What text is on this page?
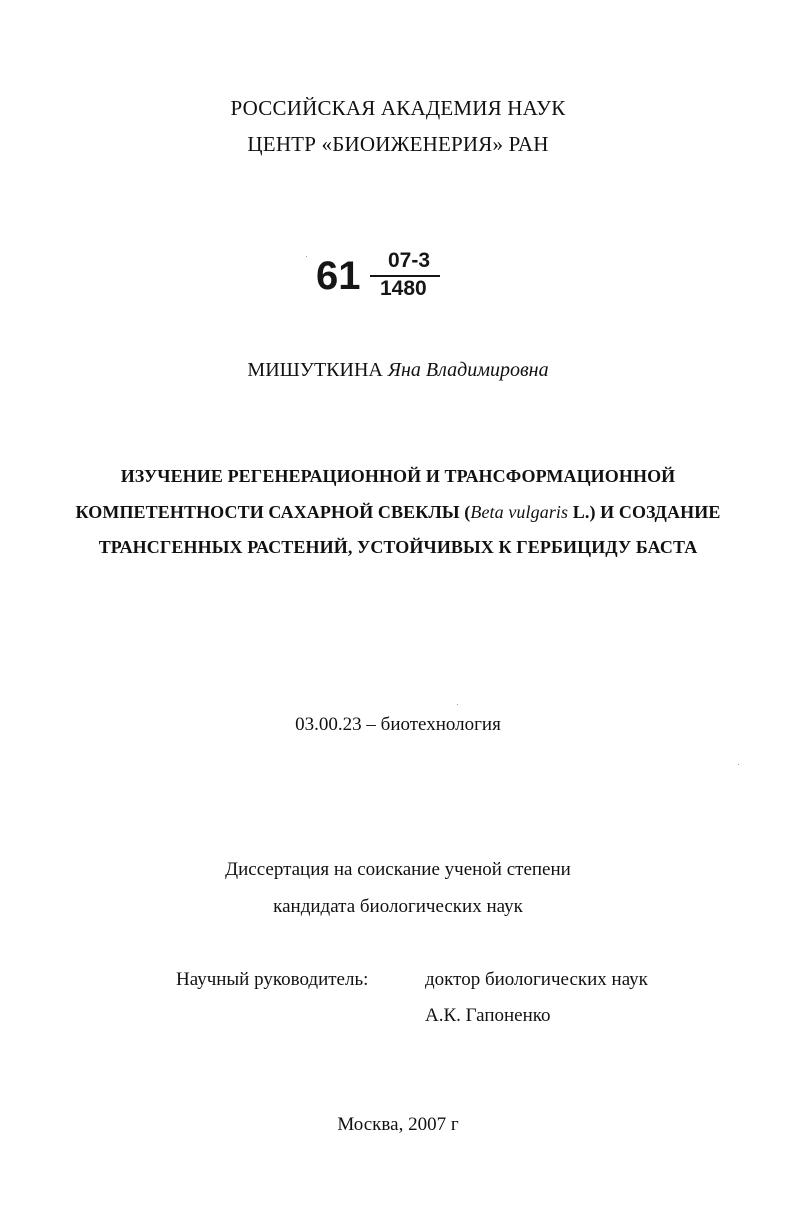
РОССИЙСКАЯ АКАДЕМИЯ НАУК
ЦЕНТР «БИОИЖЕНЕРИЯ» РАН
61 07-3
1480
МИШУТКИНА Яна Владимировна
ИЗУЧЕНИЕ РЕГЕНЕРАЦИОННОЙ И ТРАНСФОРМАЦИОННОЙ
КОМПЕТЕНТНОСТИ САХАРНОЙ СВЕКЛЫ (Beta vulgaris L.) И СОЗДАНИЕ
ТРАНСГЕННЫХ РАСТЕНИЙ, УСТОЙЧИВЫХ К ГЕРБИЦИДУ БАСТА
03.00.23 – биотехнология
Диссертация на соискание ученой степени
кандидата биологических наук
Научный руководитель:	доктор биологических наук
А.К. Гапоненко
Москва, 2007 г
